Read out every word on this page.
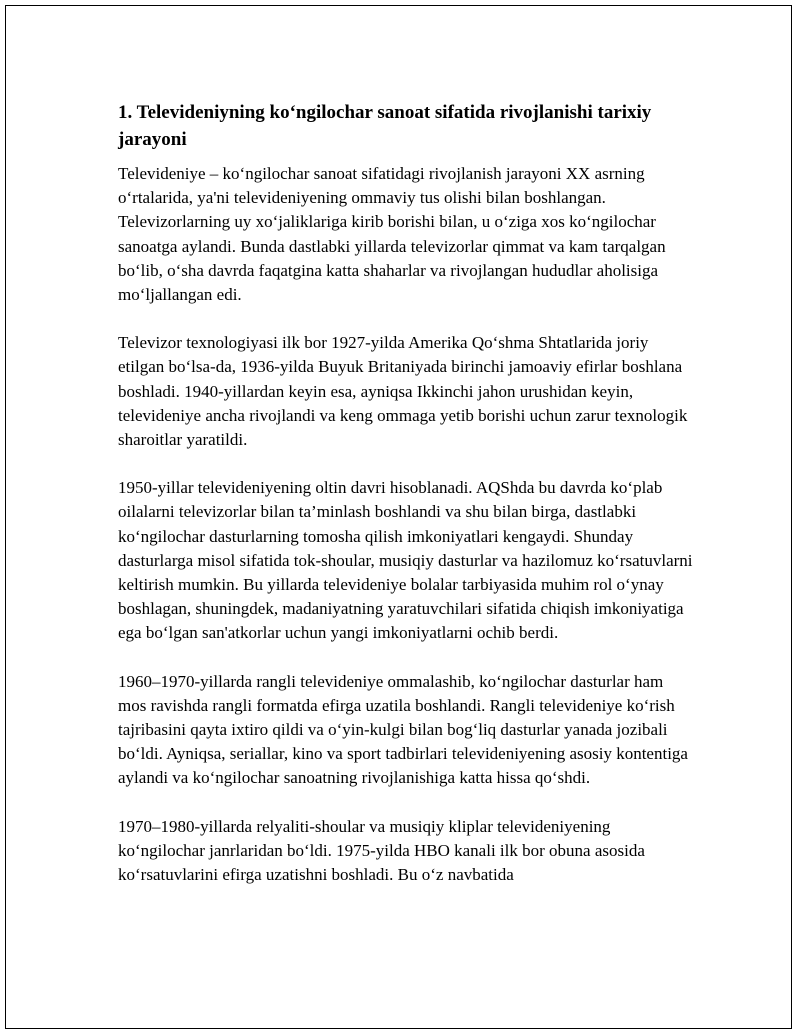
1. Televideniyning koʻngilochar sanoat sifatida rivojlanishi tarixiy jarayoni

Televideniye – koʻngilochar sanoat sifatidagi rivojlanish jarayoni XX asrning oʻrtalarida, ya'ni televideniyening ommaviy tus olishi bilan boshlangan. Televizorlarning uy xoʻjaliklariga kirib borishi bilan, u oʻziga xos koʻngilochar sanoatga aylandi. Bunda dastlabki yillarda televizorlar qimmat va kam tarqalgan boʻlib, oʻsha davrda faqatgina katta shaharlar va rivojlangan hududlar aholisiga moʻljallangan edi.

Televizor texnologiyasi ilk bor 1927-yilda Amerika Qoʻshma Shtatlarida joriy etilgan boʻlsa-da, 1936-yilda Buyuk Britaniyada birinchi jamoaviy efirlar boshlana boshladi. 1940-yillardan keyin esa, ayniqsa Ikkinchi jahon urushidan keyin, televideniye ancha rivojlandi va keng ommaga yetib borishi uchun zarur texnologik sharoitlar yaratildi.

1950-yillar televideniyening oltin davri hisoblanadi. AQShda bu davrda koʻplab oilalarni televizorlar bilan ta’minlash boshlandi va shu bilan birga, dastlabki koʻngilochar dasturlarning tomosha qilish imkoniyatlari kengaydi. Shunday dasturlarga misol sifatida tok-shoular, musiqiy dasturlar va hazilomuz koʻrsatuvlarni keltirish mumkin. Bu yillarda televideniye bolalar tarbiyasida muhim rol oʻynay boshlagan, shuningdek, madaniyatning yaratuvchilari sifatida chiqish imkoniyatiga ega boʻlgan san'atkorlar uchun yangi imkoniyatlarni ochib berdi.

1960–1970-yillarda rangli televideniye ommalashib, koʻngilochar dasturlar ham mos ravishda rangli formatda efirga uzatila boshlandi. Rangli televideniye koʻrish tajribasini qayta ixtiro qildi va oʻyin-kulgi bilan bogʻliq dasturlar yanada jozibali boʻldi. Ayniqsa, seriallar, kino va sport tadbirlari televideniyening asosiy kontentiga aylandi va koʻngilochar sanoatning rivojlanishiga katta hissa qoʻshdi.

1970–1980-yillarda relyaliti-shoular va musiqiy kliplar televideniyening koʻngilochar janrlaridan boʻldi. 1975-yilda HBO kanali ilk bor obuna asosida koʻrsatuvlarini efirga uzatishni boshladi. Bu oʻz navbatida
